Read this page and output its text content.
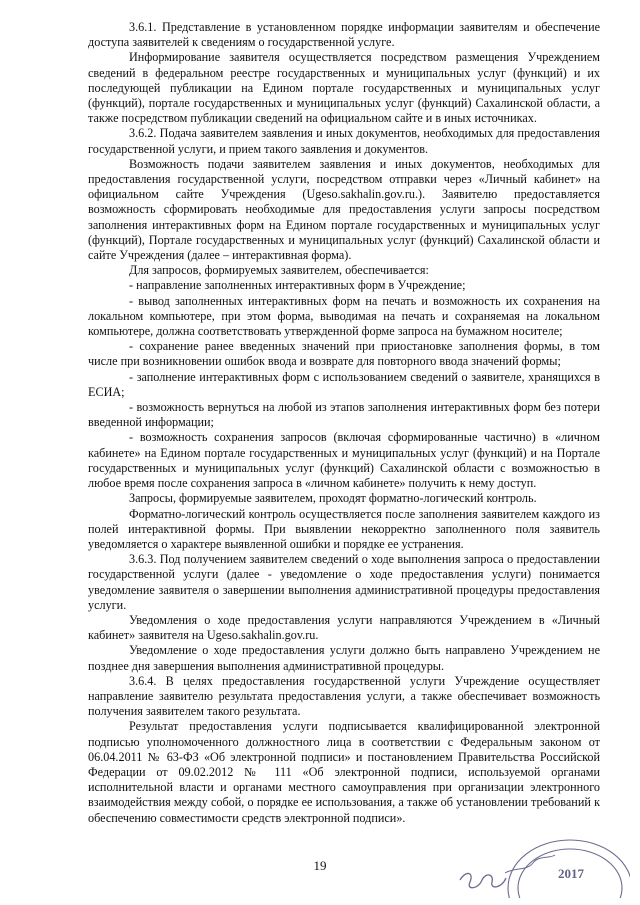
3.6.1. Представление в установленном порядке информации заявителям и обеспечение доступа заявителей к сведениям о государственной услуге.

Информирование заявителя осуществляется посредством размещения Учреждением сведений в федеральном реестре государственных и муниципальных услуг (функций) и их последующей публикации на Едином портале государственных и муниципальных услуг (функций), портале государственных и муниципальных услуг (функций) Сахалинской области, а также посредством публикации сведений на официальном сайте и в иных источниках.

3.6.2. Подача заявителем заявления и иных документов, необходимых для предоставления государственной услуги, и прием такого заявления и документов.

Возможность подачи заявителем заявления и иных документов, необходимых для предоставления государственной услуги, посредством отправки через «Личный кабинет» на официальном сайте Учреждения (Ugeso.sakhalin.gov.ru.). Заявителю предоставляется возможность сформировать необходимые для предоставления услуги запросы посредством заполнения интерактивных форм на Едином портале государственных и муниципальных услуг (функций), Портале государственных и муниципальных услуг (функций) Сахалинской области и сайте Учреждения (далее – интерактивная форма).

Для запросов, формируемых заявителем, обеспечивается:

- направление заполненных интерактивных форм в Учреждение;

- вывод заполненных интерактивных форм на печать и возможность их сохранения на локальном компьютере, при этом форма, выводимая на печать и сохраняемая на локальном компьютере, должна соответствовать утвержденной форме запроса на бумажном носителе;

- сохранение ранее введенных значений при приостановке заполнения формы, в том числе при возникновении ошибок ввода и возврате для повторного ввода значений формы;

- заполнение интерактивных форм с использованием сведений о заявителе, хранящихся в ЕСИА;

- возможность вернуться на любой из этапов заполнения интерактивных форм без потери введенной информации;

- возможность сохранения запросов (включая сформированные частично) в «личном кабинете» на Едином портале государственных и муниципальных услуг (функций) и на Портале государственных и муниципальных услуг (функций) Сахалинской области с возможностью в любое время после сохранения запроса в «личном кабинете» получить к нему доступ.

Запросы, формируемые заявителем, проходят форматно-логический контроль.

Форматно-логический контроль осуществляется после заполнения заявителем каждого из полей интерактивной формы. При выявлении некорректно заполненного поля заявитель уведомляется о характере выявленной ошибки и порядке ее устранения.

3.6.3. Под получением заявителем сведений о ходе выполнения запроса о предоставлении государственной услуги (далее - уведомление о ходе предоставления услуги) понимается уведомление заявителя о завершении выполнения административной процедуры предоставления услуги.

Уведомления о ходе предоставления услуги направляются Учреждением в «Личный кабинет» заявителя на Ugeso.sakhalin.gov.ru.

Уведомление о ходе предоставления услуги должно быть направлено Учреждением не позднее дня завершения выполнения административной процедуры.

3.6.4. В целях предоставления государственной услуги Учреждение осуществляет направление заявителю результата предоставления услуги, а также обеспечивает возможность получения заявителем такого результата.

Результат предоставления услуги подписывается квалифицированной электронной подписью уполномоченного должностного лица в соответствии с Федеральным законом от 06.04.2011 № 63-ФЗ «Об электронной подписи» и постановлением Правительства Российской Федерации от 09.02.2012 № 111 «Об электронной подписи, используемой органами исполнительной власти и органами местного самоуправления при организации электронного взаимодействия между собой, о порядке ее использования, а также об установлении требований к обеспечению совместимости средств электронной подписи».

19
2017
